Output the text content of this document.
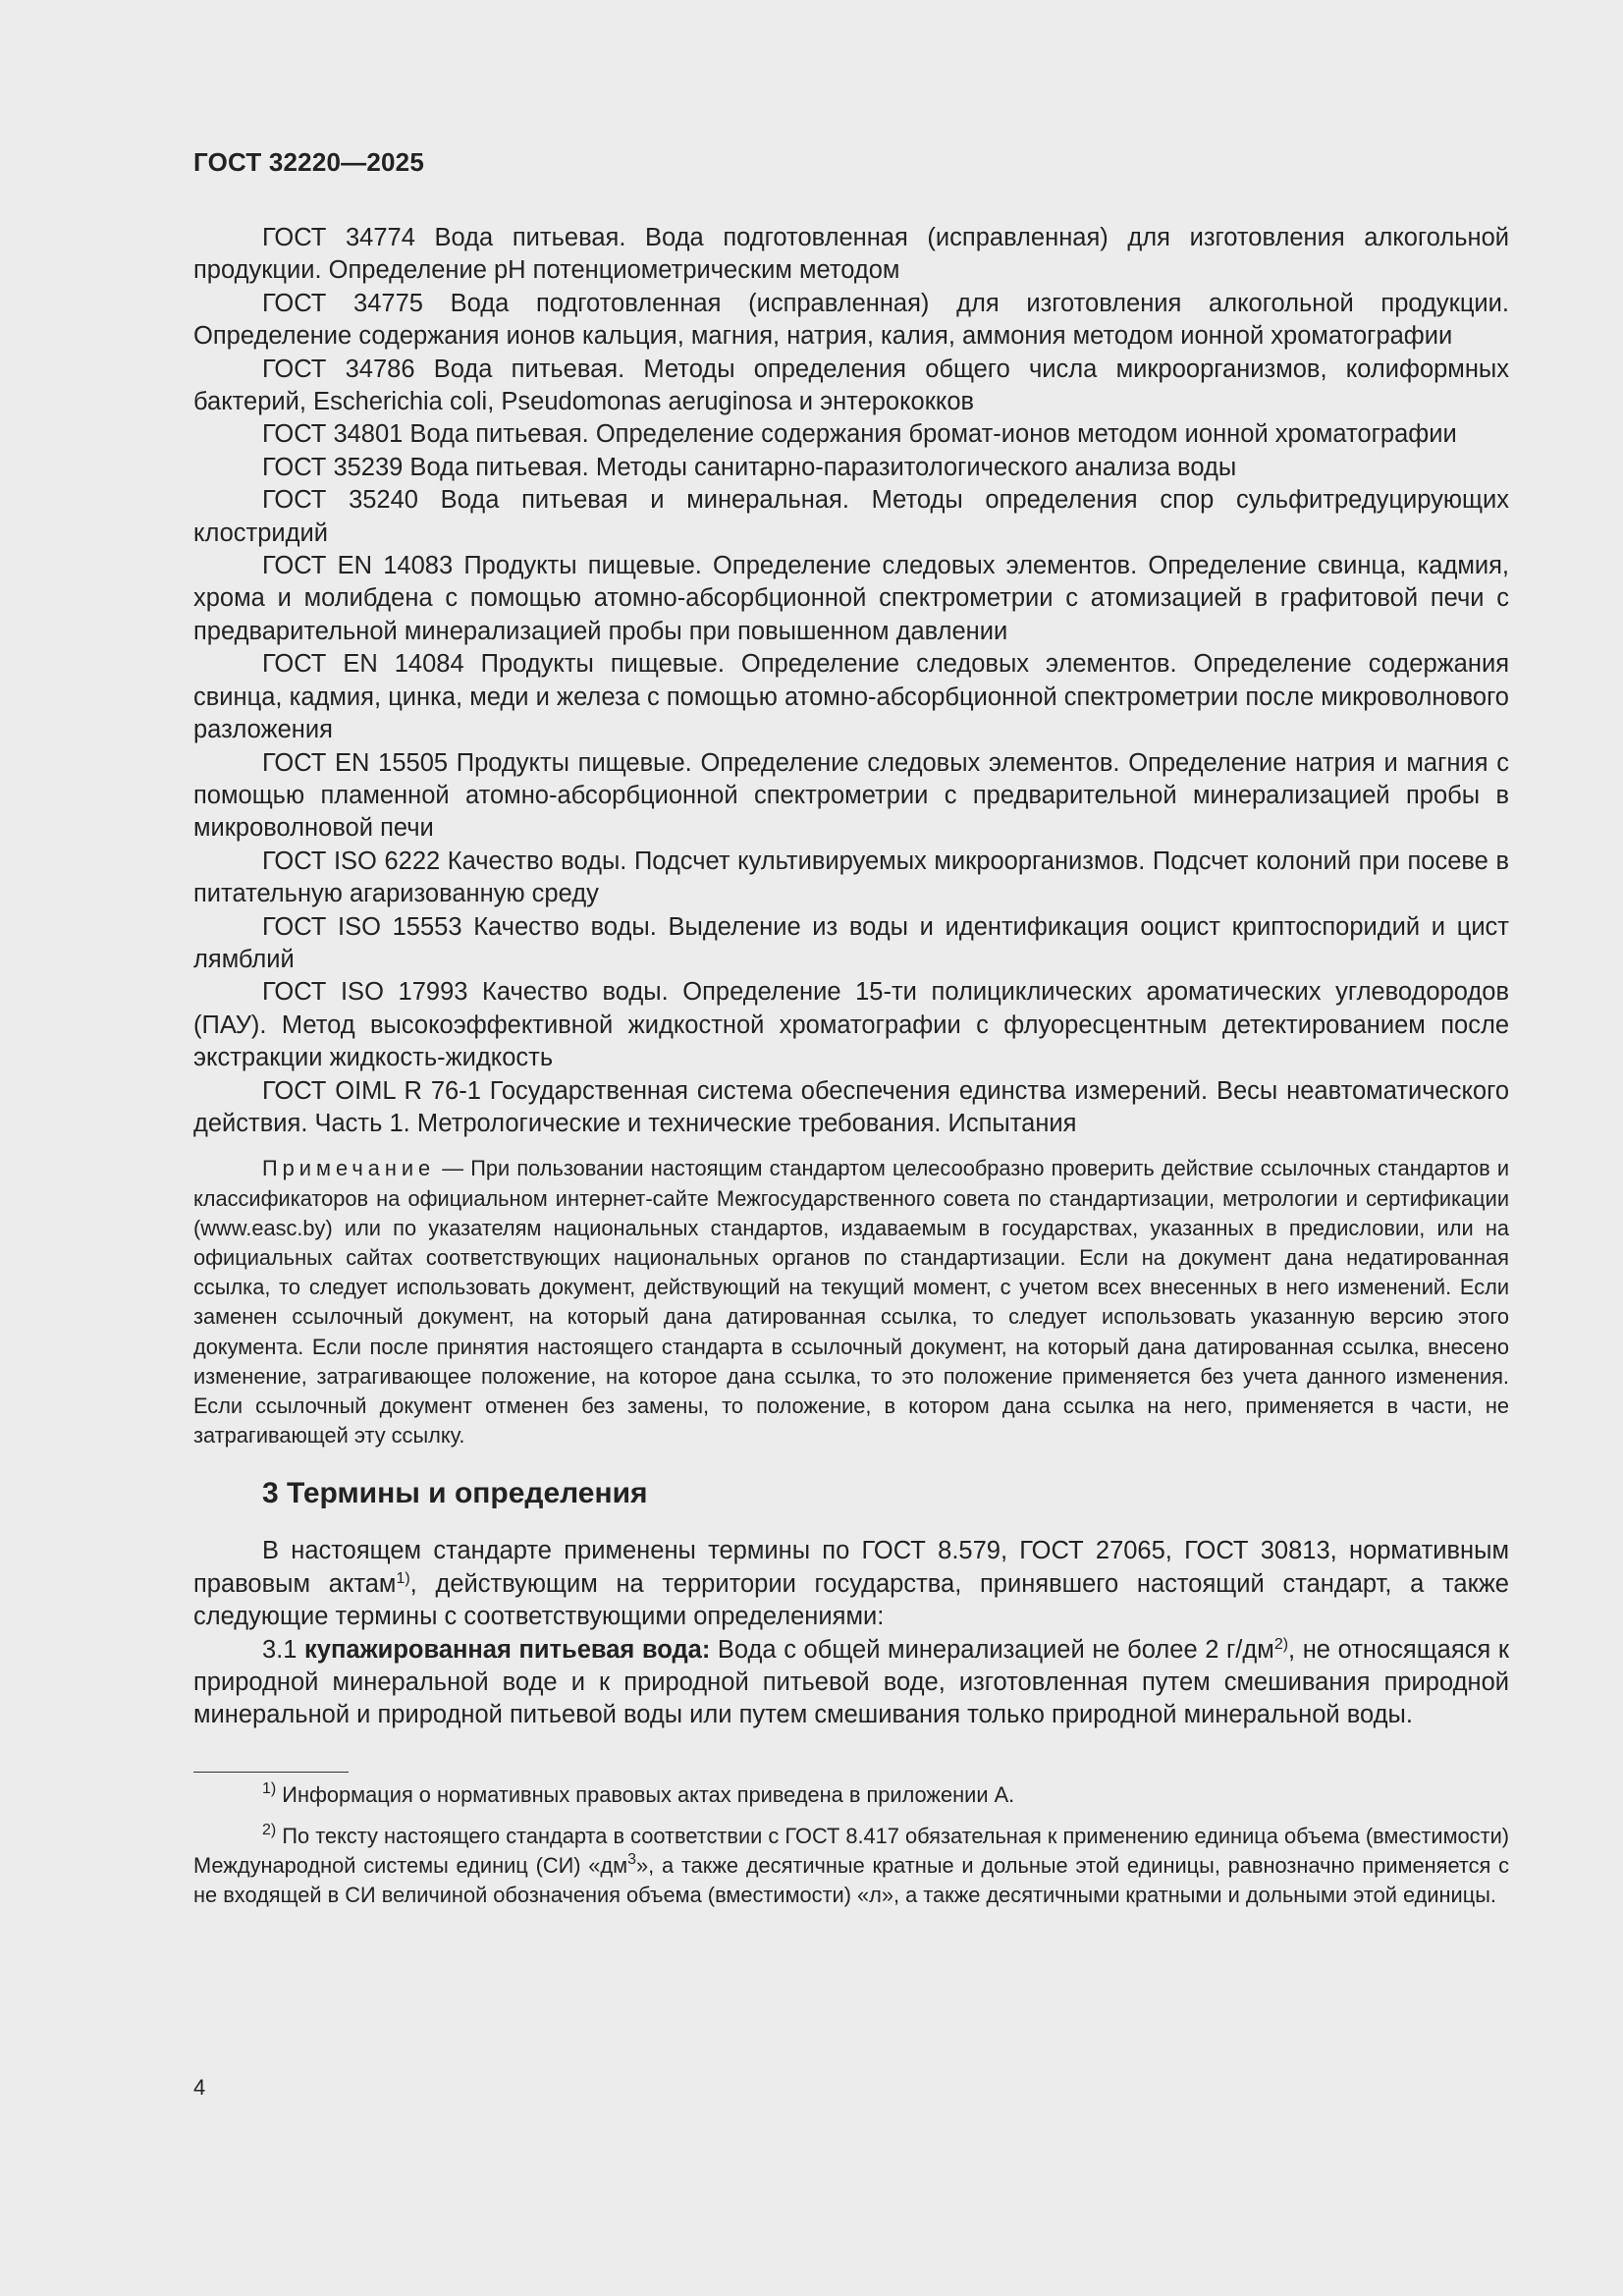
ГОСТ 32220—2025

ГОСТ 34774 Вода питьевая. Вода подготовленная (исправленная) для изготовления алкогольной продукции. Определение pH потенциометрическим методом

ГОСТ 34775 Вода подготовленная (исправленная) для изготовления алкогольной продукции. Определение содержания ионов кальция, магния, натрия, калия, аммония методом ионной хроматографии

ГОСТ 34786 Вода питьевая. Методы определения общего числа микроорганизмов, колиформных бактерий, Escherichia coli, Pseudomonas aeruginosa и энтерококков

ГОСТ 34801 Вода питьевая. Определение содержания бромат-ионов методом ионной хроматографии

ГОСТ 35239 Вода питьевая. Методы санитарно-паразитологического анализа воды

ГОСТ 35240 Вода питьевая и минеральная. Методы определения спор сульфитредуцирующих клостридий

ГОСТ EN 14083 Продукты пищевые. Определение следовых элементов. Определение свинца, кадмия, хрома и молибдена с помощью атомно-абсорбционной спектрометрии с атомизацией в графитовой печи с предварительной минерализацией пробы при повышенном давлении

ГОСТ EN 14084 Продукты пищевые. Определение следовых элементов. Определение содержания свинца, кадмия, цинка, меди и железа с помощью атомно-абсорбционной спектрометрии после микроволнового разложения

ГОСТ EN 15505 Продукты пищевые. Определение следовых элементов. Определение натрия и магния с помощью пламенной атомно-абсорбционной спектрометрии с предварительной минерализацией пробы в микроволновой печи

ГОСТ ISO 6222 Качество воды. Подсчет культивируемых микроорганизмов. Подсчет колоний при посеве в питательную агаризованную среду

ГОСТ ISO 15553 Качество воды. Выделение из воды и идентификация ооцист криптоспоридий и цист лямблий

ГОСТ ISO 17993 Качество воды. Определение 15-ти полициклических ароматических углеводородов (ПАУ). Метод высокоэффективной жидкостной хроматографии с флуоресцентным детектированием после экстракции жидкость-жидкость

ГОСТ OIML R 76-1 Государственная система обеспечения единства измерений. Весы неавтоматического действия. Часть 1. Метрологические и технические требования. Испытания

Примечание — При пользовании настоящим стандартом целесообразно проверить действие ссылочных стандартов и классификаторов на официальном интернет-сайте Межгосударственного совета по стандартизации, метрологии и сертификации (www.easc.by) или по указателям национальных стандартов, издаваемым в государствах, указанных в предисловии, или на официальных сайтах соответствующих национальных органов по стандартизации. Если на документ дана недатированная ссылка, то следует использовать документ, действующий на текущий момент, с учетом всех внесенных в него изменений. Если заменен ссылочный документ, на который дана датированная ссылка, то следует использовать указанную версию этого документа. Если после принятия настоящего стандарта в ссылочный документ, на который дана датированная ссылка, внесено изменение, затрагивающее положение, на которое дана ссылка, то это положение применяется без учета данного изменения. Если ссылочный документ отменен без замены, то положение, в котором дана ссылка на него, применяется в части, не затрагивающей эту ссылку.

3 Термины и определения

В настоящем стандарте применены термины по ГОСТ 8.579, ГОСТ 27065, ГОСТ 30813, нормативным правовым актам$^{1)}$, действующим на территории государства, принявшего настоящий стандарт, а также следующие термины с соответствующими определениями:

3.1 купажированная питьевая вода: Вода с общей минерализацией не более 2 $г/дм^{2)}$, не относящаяся к природной минеральной воде и к природной питьевой воде, изготовленная путем смешивания природной минеральной и природной питьевой воды или путем смешивания только природной минеральной воды.

$^{1)}$ Информация о нормативных правовых актах приведена в приложении А.

$^{2)}$ По тексту настоящего стандарта в соответствии с ГОСТ 8.417 обязательная к применению единица объема (вместимости) Международной системы единиц (СИ) «$дм^3$», а также десятичные кратные и дольные этой единицы, равнозначно применяется с не входящей в СИ величиной обозначения объема (вместимости) «л», а также десятичными кратными и дольными этой единицы.

4
